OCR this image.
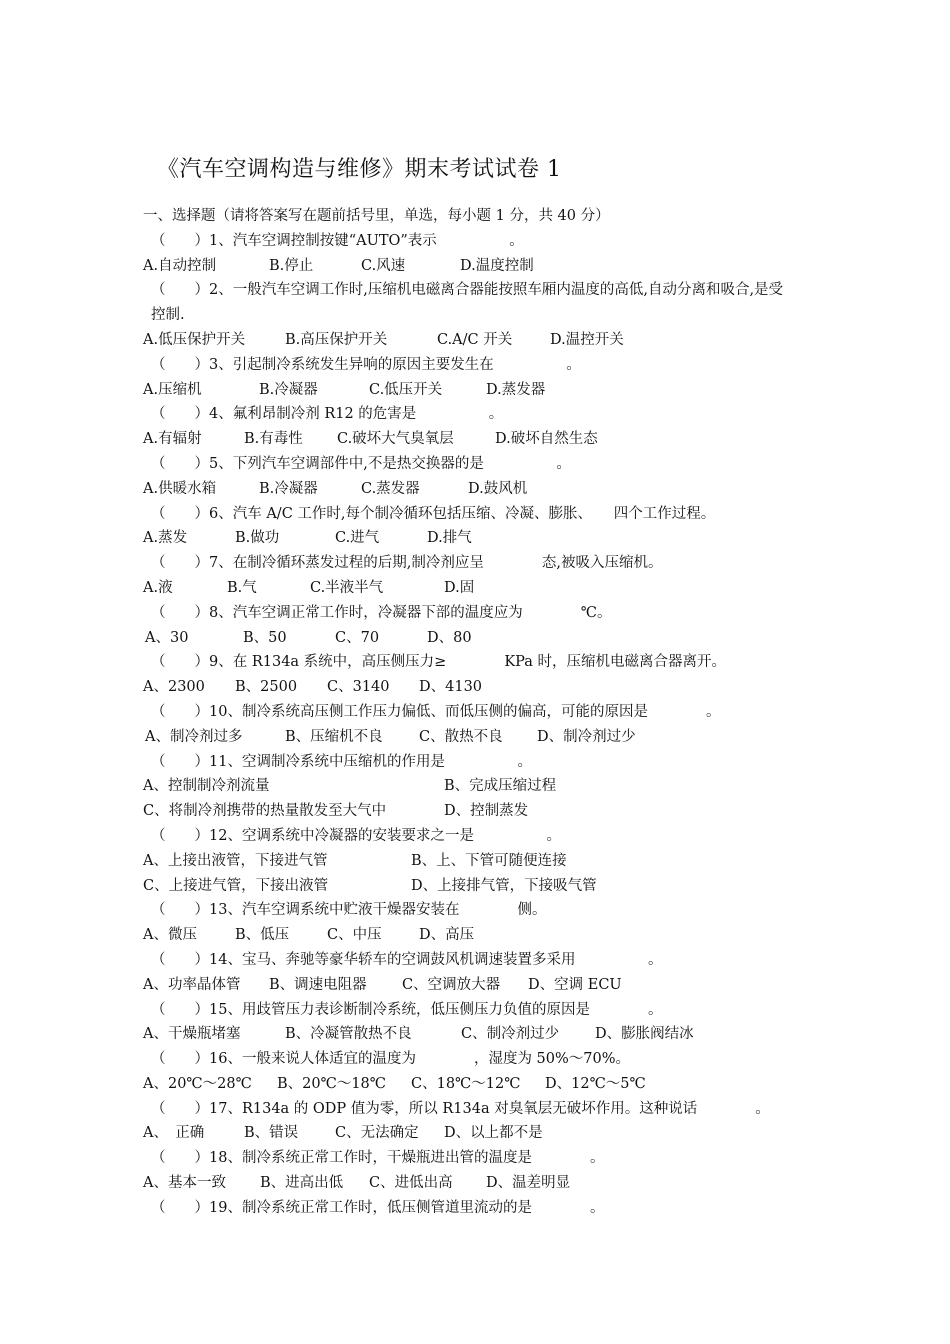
《汽车空调构造与维修》期末考试试卷 1
一、选择题（请将答案写在题前括号里，单选，每小题 1 分，共 40 分）
（　　）1、汽车空调控制按键“AUTO”表示　　　　　。
A.自动控制	B.停止	C.风速	D.温度控制
（　　）2、一般汽车空调工作时,压缩机电磁离合器能按照车厢内温度的高低,自动分离和吸合,是受　　　　控制.
A.低压保护开关	B.高压保护开关	C.A/C 开关	D.温控开关
（　　）3、引起制冷系统发生异响的原因主要发生在　　　　　。
A.压缩机	B.冷凝器	C.低压开关	D.蒸发器
（　　）4、氟利昂制冷剂 R12 的危害是　　　　　。
A.有辐射	B.有毒性 C.破坏大气臭氧层	D.破坏自然生态
（　　）5、下列汽车空调部件中,不是热交换器的是　　　　　。
A.供暖水箱	B.冷凝器	C.蒸发器	D.鼓风机
（　　）6、汽车 A/C 工作时,每个制冷循环包括压缩、冷凝、膨胀、　　四个工作过程。
A.蒸发	B.做功	C.进气	D.排气
（　　）7、在制冷循环蒸发过程的后期,制冷剂应呈　　　　态,被吸入压缩机。
A.液	B.气	C.半液半气	D.固
（　　）8、汽车空调正常工作时，冷凝器下部的温度应为　　　　℃。
A、30	B、50	C、70	D、80
（　　）9、在 R134a 系统中，高压侧压力≥　　　　KPa 时，压缩机电磁离合器离开。
A、2300 B、2500 C、3140 D、4130
（　　）10、制冷系统高压侧工作压力偏低、而低压侧的偏高，可能的原因是　　　　。
A、制冷剂过多	B、压缩机不良	C、散热不良 D、制冷剂过少
（　　）11、空调制冷系统中压缩机的作用是　　　　　。
A、控制制冷剂流量	B、完成压缩过程
C、将制冷剂携带的热量散发至大气中	D、控制蒸发
（　　）12、空调系统中冷凝器的安装要求之一是　　　　　。
A、上接出液管，下接进气管	B、上、下管可随便连接
C、上接进气管，下接出液管	D、上接排气管，下接吸气管
（　　）13、汽车空调系统中贮液干燥器安装在　　　　侧。
A、微压	B、低压	C、中压	D、高压
（　　）14、宝马、奔驰等豪华轿车的空调鼓风机调速装置多采用　　　　　。
A、功率晶体管 B、调速电阻器 C、空调放大器 D、空调 ECU
（　　）15、用歧管压力表诊断制冷系统，低压侧压力负值的原因是　　　　。
A、干燥瓶堵塞	B、冷凝管散热不良	C、制冷剂过少 D、膨胀阀结冰
（　　）16、一般来说人体适宜的温度为　　　　，湿度为 50%～70%。
A、20℃～28℃ B、20℃～18℃ C、18℃～12℃ D、12℃～5℃
（　　）17、R134a 的 ODP 值为零，所以 R134a 对臭氧层无破坏作用。这种说话　　　　。
A、　正确	B、错误	C、无法确定 D、以上都不是
（　　）18、制冷系统正常工作时，干燥瓶进出管的温度是　　　　。
A、基本一致 B、进高出低 C、进低出高 D、温差明显
（　　）19、制冷系统正常工作时，低压侧管道里流动的是　　　　。
